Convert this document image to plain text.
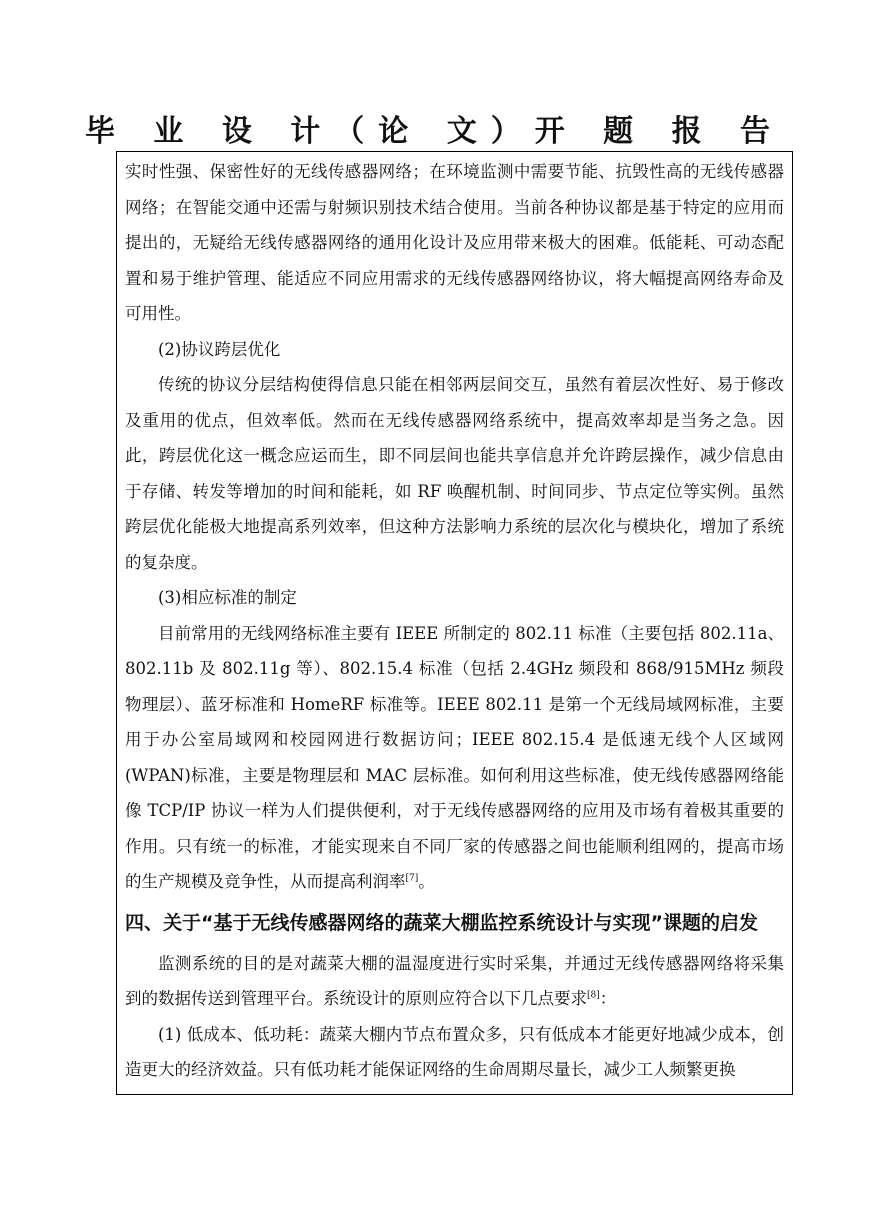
毕 业 设 计（论 文）开 题 报 告

实时性强、保密性好的无线传感器网络；在环境监测中需要节能、抗毁性高的无线传感器网络；在智能交通中还需与射频识别技术结合使用。当前各种协议都是基于特定的应用而提出的，无疑给无线传感器网络的通用化设计及应用带来极大的困难。低能耗、可动态配置和易于维护管理、能适应不同应用需求的无线传感器网络协议，将大幅提高网络寿命及可用性。

(2)协议跨层优化

传统的协议分层结构使得信息只能在相邻两层间交互，虽然有着层次性好、易于修改及重用的优点，但效率低。然而在无线传感器网络系统中，提高效率却是当务之急。因此，跨层优化这一概念应运而生，即不同层间也能共享信息并允许跨层操作，减少信息由于存储、转发等增加的时间和能耗，如 RF 唤醒机制、时间同步、节点定位等实例。虽然跨层优化能极大地提高系列效率，但这种方法影响力系统的层次化与模块化，增加了系统的复杂度。

(3)相应标准的制定

目前常用的无线网络标准主要有 IEEE 所制定的 802.11 标准（主要包括 802.11a、802.11b 及 802.11g 等）、802.15.4 标准（包括 2.4GHz 频段和 868/915MHz 频段物理层）、蓝牙标准和 HomeRF 标准等。IEEE 802.11 是第一个无线局域网标准，主要用于办公室局域网和校园网进行数据访问；IEEE 802.15.4 是低速无线个人区域网(WPAN)标准，主要是物理层和 MAC 层标准。如何利用这些标准，使无线传感器网络能像 TCP/IP 协议一样为人们提供便利，对于无线传感器网络的应用及市场有着极其重要的作用。只有统一的标准，才能实现来自不同厂家的传感器之间也能顺利组网的，提高市场的生产规模及竞争性，从而提高利润率[7]。

四、关于“基于无线传感器网络的蔬菜大棚监控系统设计与实现”课题的启发

监测系统的目的是对蔬菜大棚的温湿度进行实时采集，并通过无线传感器网络将采集到的数据传送到管理平台。系统设计的原则应符合以下几点要求[8]：

(1) 低成本、低功耗：蔬菜大棚内节点布置众多，只有低成本才能更好地减少成本，创造更大的经济效益。只有低功耗才能保证网络的生命周期尽量长，减少工人频繁更换
